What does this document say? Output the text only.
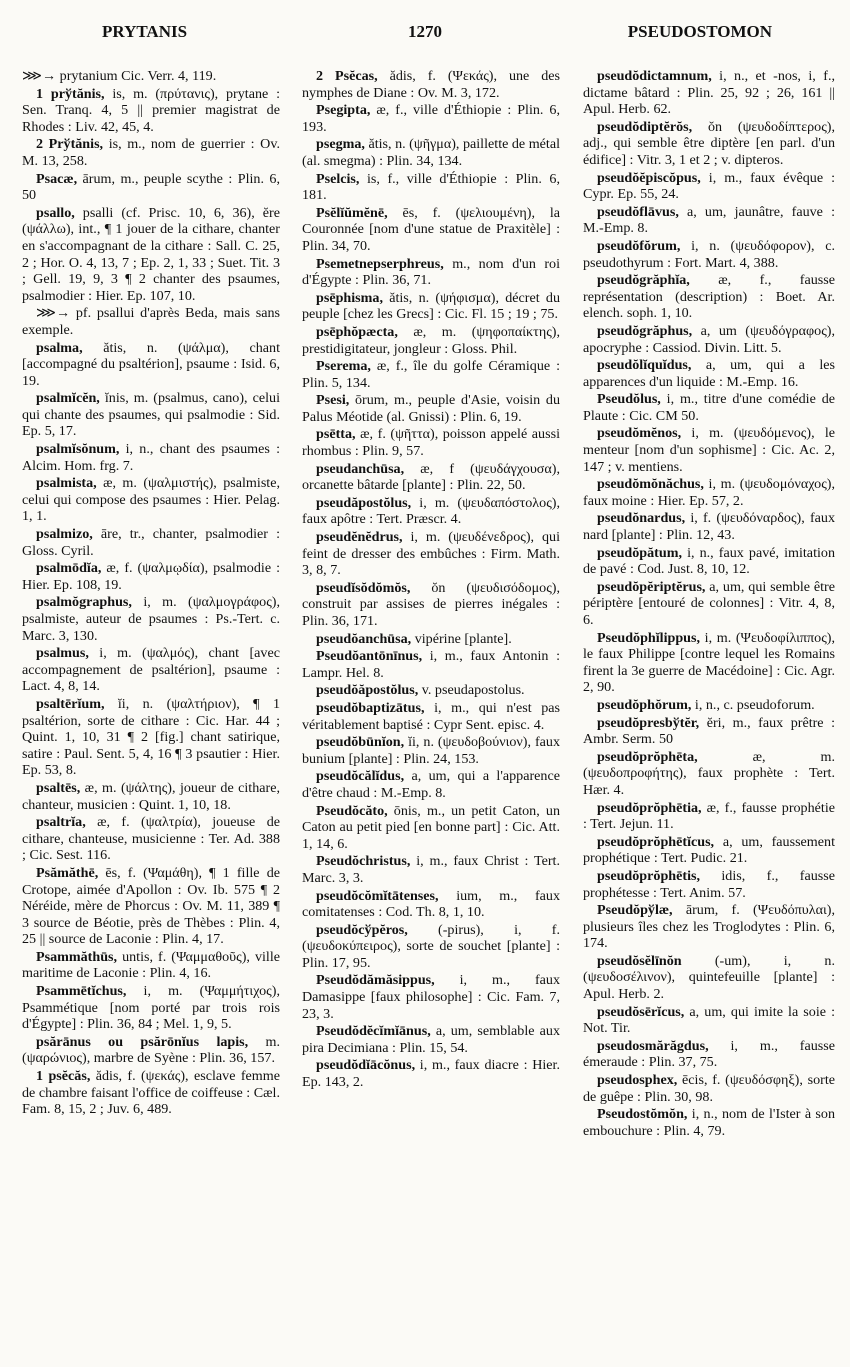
PRYTANIS	1270	PSEUDOSTOMON

⋙→ prytanium Cic. Verr. 4, 119.

1 prўtănis, is, m. (πρύτανις), prytane : Sen. Tranq. 4, 5 || premier magistrat de Rhodes : Liv. 42, 45, 4.

2 Prўtănis, is, m., nom de guerrier : Ov. M. 13, 258.

Psacæ, ārum, m., peuple scythe : Plin. 6, 50

psallo, psalli (cf. Prisc. 10, 6, 36), ĕre (ψάλλω), int., ¶ 1 jouer de la cithare, chanter en s'accompagnant de la cithare : Sall. C. 25, 2 ; Hor. O. 4, 13, 7 ; Ep. 2, 1, 33 ; Suet. Tit. 3 ; Gell. 19, 9, 3 ¶ 2 chanter des psaumes, psalmodier : Hier. Ep. 107, 10.

⋙→ pf. psallui d'après Beda, mais sans exemple.

psalma, ătis, n. (ψάλμα), chant [accompagné du psaltérion], psaume : Isid. 6, 19.

psalmĭcĕn, ĭnis, m. (psalmus, cano), celui qui chante des psaumes, qui psalmodie : Sid. Ep. 5, 17.

psalmĭsŏnum, i, n., chant des psaumes : Alcim. Hom. frg. 7.

psalmista, æ, m. (ψαλμιστής), psalmiste, celui qui compose des psaumes : Hier. Pelag. 1, 1.

psalmizo, āre, tr., chanter, psalmodier : Gloss. Cyril.

psalmōdĭa, æ, f. (ψαλμῳδία), psalmodie : Hier. Ep. 108, 19.

psalmŏgraphus, i, m. (ψαλμογράφος), psalmiste, auteur de psaumes : Ps.-Tert. c. Marc. 3, 130.

psalmus, i, m. (ψαλμός), chant [avec accompagnement de psaltérion], psaume : Lact. 4, 8, 14.

psaltērĭum, ĭi, n. (ψαλτήριον), ¶ 1 psaltérion, sorte de cithare : Cic. Har. 44 ; Quint. 1, 10, 31 ¶ 2 [fig.] chant satirique, satire : Paul. Sent. 5, 4, 16 ¶ 3 psautier : Hier. Ep. 53, 8.

psaltēs, æ, m. (ψάλτης), joueur de cithare, chanteur, musicien : Quint. 1, 10, 18.

psaltrĭa, æ, f. (ψαλτρία), joueuse de cithare, chanteuse, musicienne : Ter. Ad. 388 ; Cic. Sest. 116.

Psămăthē, ēs, f. (Ψαμάθη), ¶ 1 fille de Crotope, aimée d'Apollon : Ov. Ib. 575 ¶ 2 Néréide, mère de Phorcus : Ov. M. 11, 389 ¶ 3 source de Béotie, près de Thèbes : Plin. 4, 25 || source de Laconie : Plin. 4, 17.

Psammăthūs, untis, f. (Ψαμμαθοῦς), ville maritime de Laconie : Plin. 4, 16.

Psammētĭchus, i, m. (Ψαμμήτιχος), Psammétique [nom porté par trois rois d'Égypte] : Plin. 36, 84 ; Mel. 1, 9, 5.

psărānus ou psărōnĭus lapis, m. (ψαρώνιος), marbre de Syène : Plin. 36, 157.

1 psĕcăs, ădis, f. (ψεκάς), esclave femme de chambre faisant l'office de coiffeuse : Cæl. Fam. 8, 15, 2 ; Juv. 6, 489.

2 Psĕcas, ădis, f. (Ψεκάς), une des nymphes de Diane : Ov. M. 3, 172.

Psegipta, æ, f., ville d'Éthiopie : Plin. 6, 193.

psegma, ătis, n. (ψῆγμα), paillette de métal (al. smegma) : Plin. 34, 134.

Pselcis, is, f., ville d'Éthiopie : Plin. 6, 181.

Psĕlĭŭmĕnē, ēs, f. (ψελιουμένη), la Couronnée [nom d'une statue de Praxitèle] : Plin. 34, 70.

Psemetnepserphreus, m., nom d'un roi d'Égypte : Plin. 36, 71.

psēphisma, ătis, n. (ψήφισμα), décret du peuple [chez les Grecs] : Cic. Fl. 15 ; 19 ; 75.

psēphŏpæcta, æ, m. (ψηφοπαίκτης), prestidigitateur, jongleur : Gloss. Phil.

Pserema, æ, f., île du golfe Céramique : Plin. 5, 134.

Psesi, ōrum, m., peuple d'Asie, voisin du Palus Méotide (al. Gnissi) : Plin. 6, 19.

psētta, æ, f. (ψῆττα), poisson appelé aussi rhombus : Plin. 9, 57.

pseudanchūsa, æ, f (ψευδάγχουσα), orcanette bâtarde [plante] : Plin. 22, 50.

pseudăpostŏlus, i, m. (ψευδαπόστολος), faux apôtre : Tert. Præscr. 4.

pseudĕnĕdrus, i, m. (ψευδένεδρος), qui feint de dresser des embûches : Firm. Math. 3, 8, 7.

pseudĭsŏdŏmŏs, ŏn (ψευδισόδομος), construit par assises de pierres inégales : Plin. 36, 171.

pseudŏanchūsa, vipérine [plante].

Pseudŏantōnīnus, i, m., faux Antonin : Lampr. Hel. 8.

pseudŏăpostŏlus, v. pseudapostolus.

pseudŏbaptizātus, i, m., qui n'est pas véritablement baptisé : Cypr Sent. episc. 4.

pseudŏbūnĭon, ĭi, n. (ψευδοβούνιον), faux bunium [plante] : Plin. 24, 153.

pseudŏcălĭdus, a, um, qui a l'apparence d'être chaud : M.-Emp. 8.

Pseudŏcăto, ōnis, m., un petit Caton, un Caton au petit pied [en bonne part] : Cic. Att. 1, 14, 6.

Pseudŏchristus, i, m., faux Christ : Tert. Marc. 3, 3.

pseudŏcŏmĭtātenses, ium, m., faux comitatenses : Cod. Th. 8, 1, 10.

pseudŏcўpĕros, (-pirus), i, f. (ψευδοκύπειρος), sorte de souchet [plante] : Plin. 17, 95.

Pseudŏdămăsippus, i, m., faux Damasippe [faux philosophe] : Cic. Fam. 7, 23, 3.

Pseudŏdĕcĭmĭānus, a, um, semblable aux pira Decimiana : Plin. 15, 54.

pseudŏdĭācŏnus, i, m., faux diacre : Hier. Ep. 143, 2.

pseudŏdictamnum, i, n., et -nos, i, f., dictame bâtard : Plin. 25, 92 ; 26, 161 || Apul. Herb. 62.

pseudŏdiptĕrŏs, ŏn (ψευδοδίπτερος), adj., qui semble être diptère [en parl. d'un édifice] : Vitr. 3, 1 et 2 ; v. dipteros.

pseudŏĕpiscŏpus, i, m., faux évêque : Cypr. Ep. 55, 24.

pseudŏflāvus, a, um, jaunâtre, fauve : M.-Emp. 8.

pseudŏfŏrum, i, n. (ψευδόφορον), c. pseudothyrum : Fort. Mart. 4, 388.

pseudŏgrăphĭa, æ, f., fausse représentation (description) : Boet. Ar. elench. soph. 1, 10.

pseudŏgrăphus, a, um (ψευδόγραφος), apocryphe : Cassiod. Divin. Litt. 5.

pseudŏlĭquĭdus, a, um, qui a les apparences d'un liquide : M.-Emp. 16.

Pseudŏlus, i, m., titre d'une comédie de Plaute : Cic. CM 50.

pseudŏmĕnos, i, m. (ψευδόμενος), le menteur [nom d'un sophisme] : Cic. Ac. 2, 147 ; v. mentiens.

pseudŏmŏnăchus, i, m. (ψευδομόναχος), faux moine : Hier. Ep. 57, 2.

pseudŏnardus, i, f. (ψευδόναρδος), faux nard [plante] : Plin. 12, 43.

pseudŏpătum, i, n., faux pavé, imitation de pavé : Cod. Just. 8, 10, 12.

pseudŏpĕriptĕrus, a, um, qui semble être périptère [entouré de colonnes] : Vitr. 4, 8, 6.

Pseudŏphĭlippus, i, m. (Ψευδοφίλιππος), le faux Philippe [contre lequel les Romains firent la 3e guerre de Macédoine] : Cic. Agr. 2, 90.

pseudŏphŏrum, i, n., c. pseudoforum.

pseudŏpresbўtĕr, ĕri, m., faux prêtre : Ambr. Serm. 50

pseudŏprŏphēta, æ, m. (ψευδοπροφήτης), faux prophète : Tert. Hær. 4.

pseudŏprŏphētia, æ, f., fausse prophétie : Tert. Jejun. 11.

pseudŏprŏphētĭcus, a, um, faussement prophétique : Tert. Pudic. 21.

pseudŏprŏphētis, idis, f., fausse prophétesse : Tert. Anim. 57.

Pseudŏpўlæ, ārum, f. (Ψευδόπυλαι), plusieurs îles chez les Troglodytes : Plin. 6, 174.

pseudŏsĕlīnŏn (-um), i, n. (ψευδοσέλινον), quintefeuille [plante] : Apul. Herb. 2.

pseudŏsērĭcus, a, um, qui imite la soie : Not. Tir.

pseudosmărăgdus, i, m., fausse émeraude : Plin. 37, 75.

pseudosphex, ēcis, f. (ψευδόσφηξ), sorte de guêpe : Plin. 30, 98.

Pseudostŏmŏn, i, n., nom de l'Ister à son embouchure : Plin. 4, 79.
